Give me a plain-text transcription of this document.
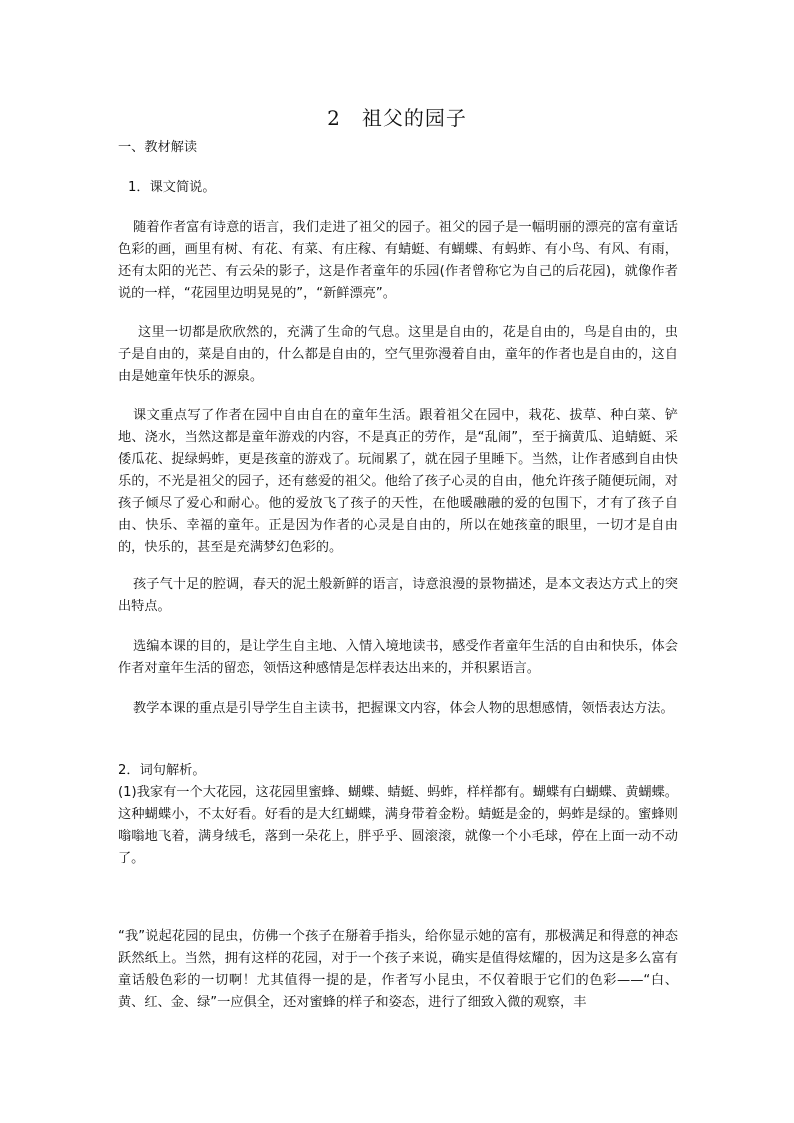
2　祖父的园子

一、教材解读

1．课文简说。

随着作者富有诗意的语言，我们走进了祖父的园子。祖父的园子是一幅明丽的漂亮的富有童话色彩的画，画里有树、有花、有菜、有庄稼、有蜻蜓、有蝴蝶、有蚂蚱、有小鸟、有风、有雨，还有太阳的光芒、有云朵的影子，这是作者童年的乐园(作者曾称它为自己的后花园)，就像作者说的一样，“花园里边明晃晃的”，“新鲜漂亮”。

这里一切都是欣欣然的，充满了生命的气息。这里是自由的，花是自由的，鸟是自由的，虫子是自由的，菜是自由的，什么都是自由的，空气里弥漫着自由，童年的作者也是自由的，这自由是她童年快乐的源泉。

课文重点写了作者在园中自由自在的童年生活。跟着祖父在园中，栽花、拔草、种白菜、铲地、浇水，当然这都是童年游戏的内容，不是真正的劳作，是“乱闹”，至于摘黄瓜、追蜻蜓、采倭瓜花、捉绿蚂蚱，更是孩童的游戏了。玩闹累了，就在园子里睡下。当然，让作者感到自由快乐的，不光是祖父的园子，还有慈爱的祖父。他给了孩子心灵的自由，他允许孩子随便玩闹，对孩子倾尽了爱心和耐心。他的爱放飞了孩子的天性，在他暖融融的爱的包围下，才有了孩子自由、快乐、幸福的童年。正是因为作者的心灵是自由的，所以在她孩童的眼里，一切才是自由的，快乐的，甚至是充满梦幻色彩的。

孩子气十足的腔调，春天的泥土般新鲜的语言，诗意浪漫的景物描述，是本文表达方式上的突出特点。

选编本课的目的，是让学生自主地、入情入境地读书，感受作者童年生活的自由和快乐，体会作者对童年生活的留恋，领悟这种感情是怎样表达出来的，并积累语言。

教学本课的重点是引导学生自主读书，把握课文内容，体会人物的思想感情，领悟表达方法。

2．词句解析。

(1)我家有一个大花园，这花园里蜜蜂、蝴蝶、蜻蜓、蚂蚱，样样都有。蝴蝶有白蝴蝶、黄蝴蝶。这种蝴蝶小，不太好看。好看的是大红蝴蝶，满身带着金粉。蜻蜓是金的，蚂蚱是绿的。蜜蜂则嗡嗡地飞着，满身绒毛，落到一朵花上，胖乎乎、圆滚滚，就像一个小毛球，停在上面一动不动了。

“我”说起花园的昆虫，仿佛一个孩子在掰着手指头，给你显示她的富有，那极满足和得意的神态跃然纸上。当然，拥有这样的花园，对于一个孩子来说，确实是值得炫耀的，因为这是多么富有童话般色彩的一切啊！尤其值得一提的是，作者写小昆虫，不仅着眼于它们的色彩——“白、黄、红、金、绿”一应俱全，还对蜜蜂的样子和姿态，进行了细致入微的观察，丰
